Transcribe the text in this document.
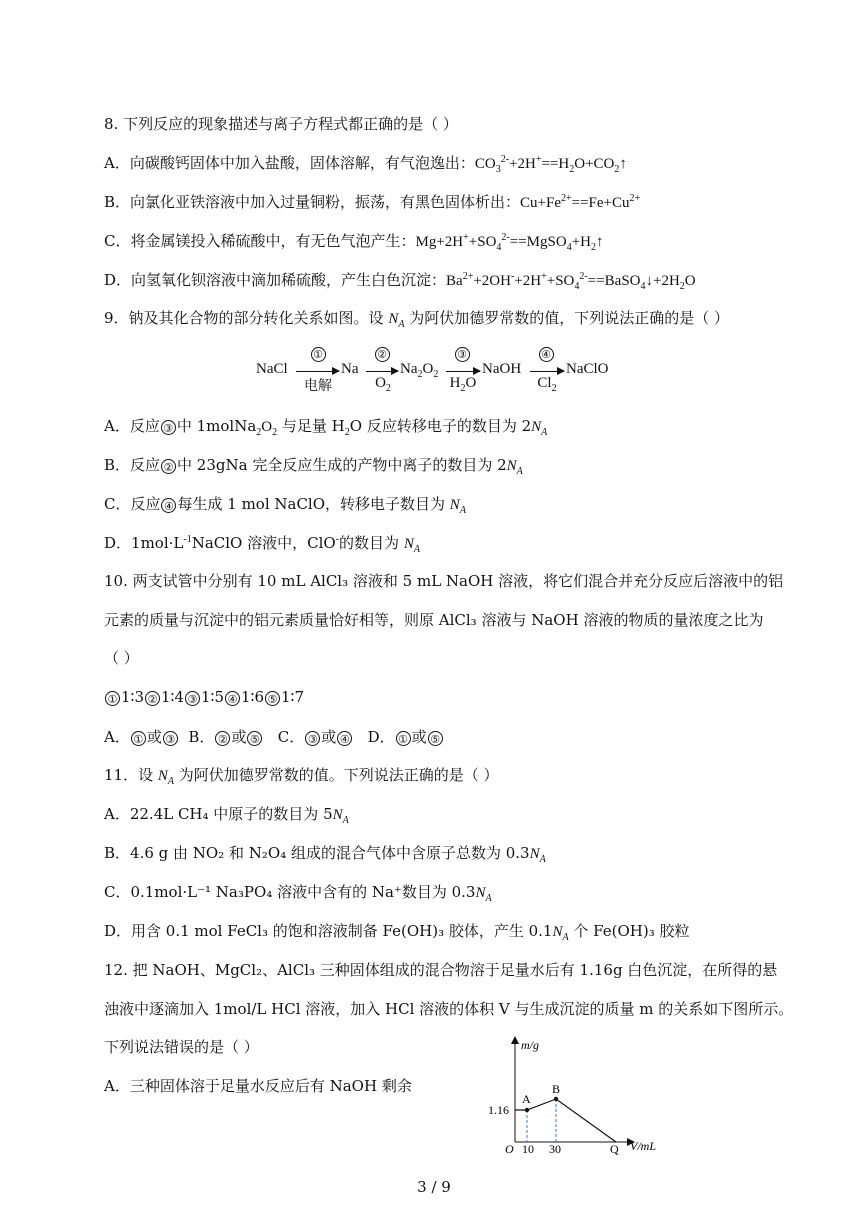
8. 下列反应的现象描述与离子方程式都正确的是（ ）
A．向碳酸钙固体中加入盐酸，固体溶解，有气泡逸出：$CO_3^{2-}+2H^+==H_2O+CO_2↑$
B．向氯化亚铁溶液中加入过量铜粉，振荡，有黑色固体析出：$Cu+Fe^{2+}==Fe+Cu^{2+}$
C．将金属镁投入稀硫酸中，有无色气泡产生：$Mg+2H^++SO_4^{2-}==MgSO_4+H_2↑$
D．向氢氧化钡溶液中滴加稀硫酸，产生白色沉淀：$Ba^{2+}+2OH^-+2H^++SO_4^{2-}==BaSO_4↓+2H_2O$
9．钠及其化合物的部分转化关系如图。设 $N_A$ 为阿伏加德罗常数的值，下列说法正确的是（ ）
NaCl
①
电解
Na
②
$O_2$
$Na_2O_2$
③
$H_2O$
NaOH
④
$Cl_2$
NaClO
A．反应 ③ 中 $1molNa_2O_2$ 与足量 $H_2O$ 反应转移电子的数目为 $2N_A$
B．反应 ② 中 23gNa 完全反应生成的产物中离子的数目为 $2N_A$
C．反应 ④ 每生成 1 mol NaClO，转移电子数目为 $N_A$
D．$1mol\cdot L^{-1}NaClO$ 溶液中，ClO-的数目为 $N_A$
10. 两支试管中分别有 10 mL AlCl₃ 溶液和 5 mL NaOH 溶液，将它们混合并充分反应后溶液中的铝
元素的质量与沉淀中的铝元素质量恰好相等，则原 AlCl₃ 溶液与 NaOH 溶液的物质的量浓度之比为
（ ）
① 1∶3 ② 1∶4 ③ 1∶5 ④ 1∶6 ⑤ 1∶7
A． ① 或 ③ B． ② 或 ⑤ C． ③ 或 ④ D． ① 或 ⑤
11．设 $N_A$ 为阿伏加德罗常数的值。下列说法正确的是（ ）
A．22.4L CH₄ 中原子的数目为 $5N_A$
B．4.6 g 由 NO₂ 和 N₂O₄ 组成的混合气体中含原子总数为 $0.3N_A$
C．0.1mol·L⁻¹ Na₃PO₄ 溶液中含有的 Na⁺数目为 $0.3N_A$
D．用含 0.1 mol FeCl₃ 的饱和溶液制备 Fe(OH)₃ 胶体，产生 $0.1N_A$ 个 Fe(OH)₃ 胶粒
12. 把 NaOH、MgCl₂、AlCl₃ 三种固体组成的混合物溶于足量水后有 1.16g 白色沉淀，在所得的悬
浊液中逐滴加入 1mol/L HCl 溶液，加入 HCl 溶液的体积 V 与生成沉淀的质量 m 的关系如下图所示。
下列说法错误的是（ ）
A．三种固体溶于足量水反应后有 NaOH 剩余
m/g
V/mL
O
1.16
10 30	Q
A
B
3 / 9
